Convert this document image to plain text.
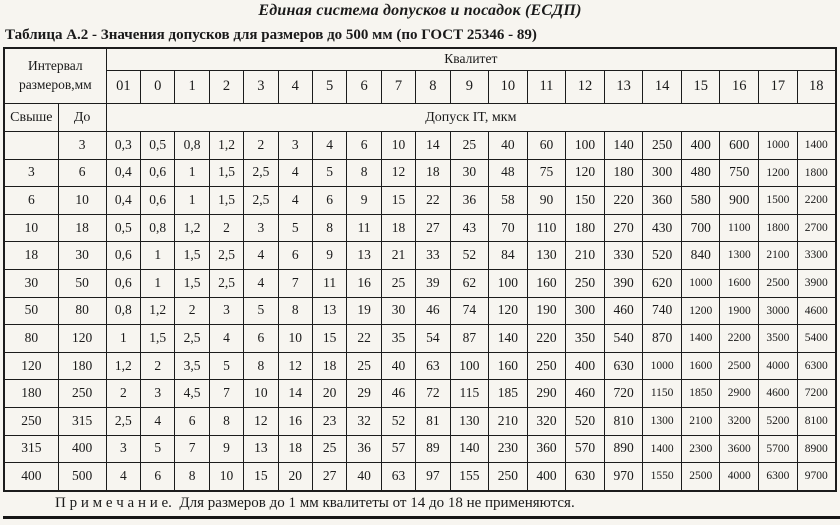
Единая система допусков и посадок (ЕСДП)
Таблица А.2 - Значения допусков для размеров до 500 мм (по ГОСТ 25346 - 89)
Интервал
размеров,мм		Квалитет																			
		01	0	1	2	3	4	5	6	7	8	9	10	11	12	13	14	15	16	17	18
Свыше	До	Допуск IT, мкм																			
	3	0,3	0,5	0,8	1,2	2	3	4	6	10	14	25	40	60	100	140	250	400	600	1000	1400
3	6	0,4	0,6	1	1,5	2,5	4	5	8	12	18	30	48	75	120	180	300	480	750	1200	1800
6	10	0,4	0,6	1	1,5	2,5	4	6	9	15	22	36	58	90	150	220	360	580	900	1500	2200
10	18	0,5	0,8	1,2	2	3	5	8	11	18	27	43	70	110	180	270	430	700	1100	1800	2700
18	30	0,6	1	1,5	2,5	4	6	9	13	21	33	52	84	130	210	330	520	840	1300	2100	3300
30	50	0,6	1	1,5	2,5	4	7	11	16	25	39	62	100	160	250	390	620	1000	1600	2500	3900
50	80	0,8	1,2	2	3	5	8	13	19	30	46	74	120	190	300	460	740	1200	1900	3000	4600
80	120	1	1,5	2,5	4	6	10	15	22	35	54	87	140	220	350	540	870	1400	2200	3500	5400
120	180	1,2	2	3,5	5	8	12	18	25	40	63	100	160	250	400	630	1000	1600	2500	4000	6300
180	250	2	3	4,5	7	10	14	20	29	46	72	115	185	290	460	720	1150	1850	2900	4600	7200
250	315	2,5	4	6	8	12	16	23	32	52	81	130	210	320	520	810	1300	2100	3200	5200	8100
315	400	3	5	7	9	13	18	25	36	57	89	140	230	360	570	890	1400	2300	3600	5700	8900
400	500	4	6	8	10	15	20	27	40	63	97	155	250	400	630	970	1550	2500	4000	6300	9700
П р и м е ч а н и е.  Для размеров до 1 мм квалитеты от 14 до 18 не применяются.
